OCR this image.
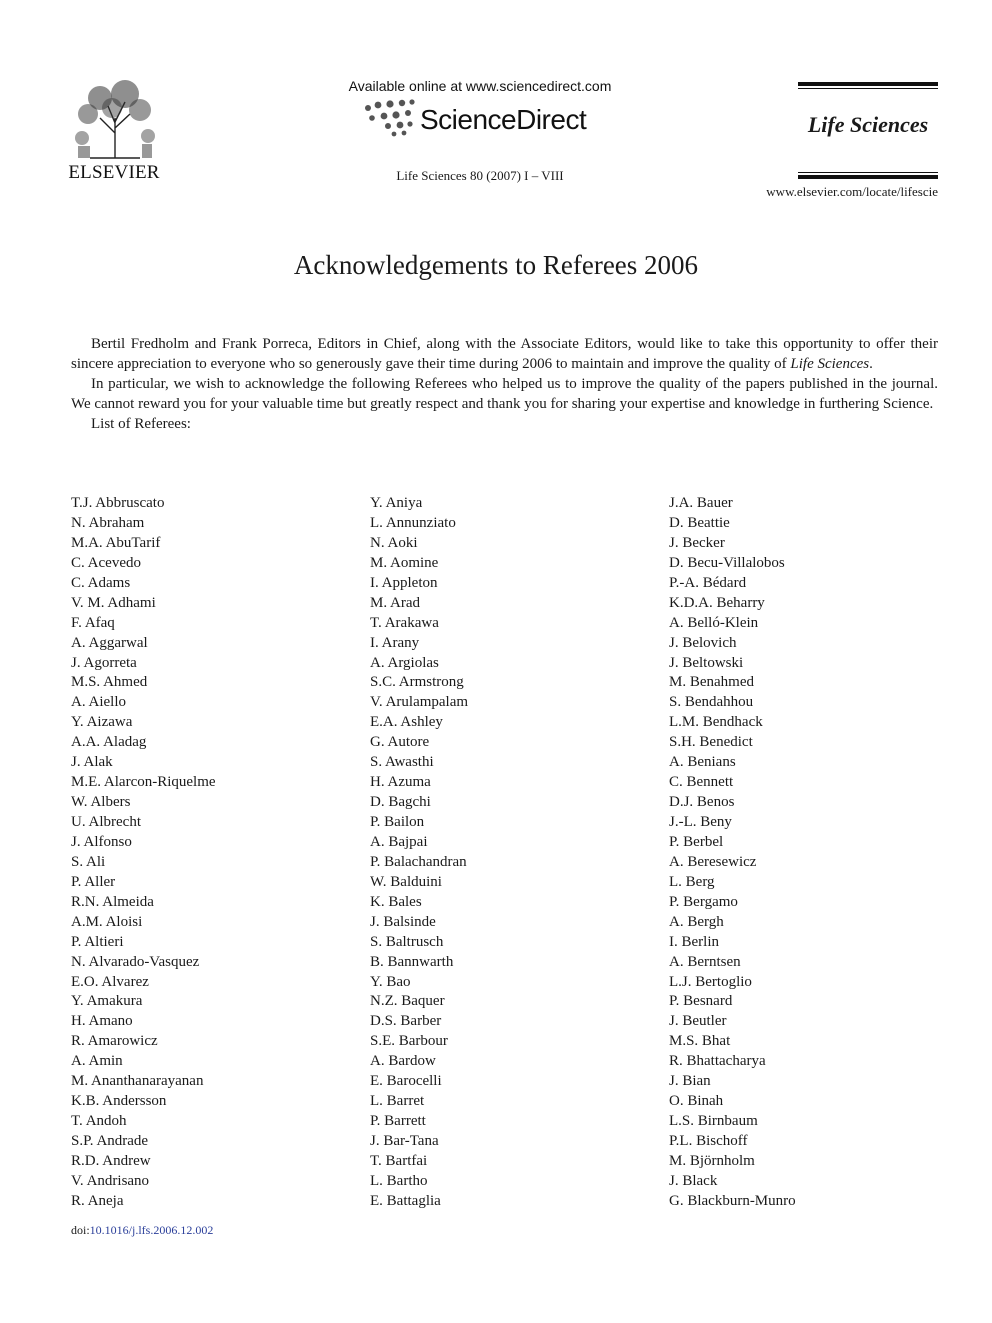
ELSEVIER
Available online at www.sciencedirect.com
ScienceDirect
Life Sciences 80 (2007) I – VIII
Life Sciences
www.elsevier.com/locate/lifescie
Acknowledgements to Referees 2006

Bertil Fredholm and Frank Porreca, Editors in Chief, along with the Associate Editors, would like to take this opportunity to offer their sincere appreciation to everyone who so generously gave their time during 2006 to maintain and improve the quality of Life Sciences.

In particular, we wish to acknowledge the following Referees who helped us to improve the quality of the papers published in the journal. We cannot reward you for your valuable time but greatly respect and thank you for sharing your expertise and knowledge in furthering Science.

List of Referees:

T.J. Abbruscato
N. Abraham
M.A. AbuTarif
C. Acevedo
C. Adams
V. M. Adhami
F. Afaq
A. Aggarwal
J. Agorreta
M.S. Ahmed
A. Aiello
Y. Aizawa
A.A. Aladag
J. Alak
M.E. Alarcon-Riquelme
W. Albers
U. Albrecht
J. Alfonso
S. Ali
P. Aller
R.N. Almeida
A.M. Aloisi
P. Altieri
N. Alvarado-Vasquez
E.O. Alvarez
Y. Amakura
H. Amano
R. Amarowicz
A. Amin
M. Ananthanarayanan
K.B. Andersson
T. Andoh
S.P. Andrade
R.D. Andrew
V. Andrisano
R. Aneja
Y. Aniya
L. Annunziato
N. Aoki
M. Aomine
I. Appleton
M. Arad
T. Arakawa
I. Arany
A. Argiolas
S.C. Armstrong
V. Arulampalam
E.A. Ashley
G. Autore
S. Awasthi
H. Azuma
D. Bagchi
P. Bailon
A. Bajpai
P. Balachandran
W. Balduini
K. Bales
J. Balsinde
S. Baltrusch
B. Bannwarth
Y. Bao
N.Z. Baquer
D.S. Barber
S.E. Barbour
A. Bardow
E. Barocelli
L. Barret
P. Barrett
J. Bar-Tana
T. Bartfai
L. Bartho
E. Battaglia
J.A. Bauer
D. Beattie
J. Becker
D. Becu-Villalobos
P.-A. Bédard
K.D.A. Beharry
A. Belló-Klein
J. Belovich
J. Beltowski
M. Benahmed
S. Bendahhou
L.M. Bendhack
S.H. Benedict
A. Benians
C. Bennett
D.J. Benos
J.-L. Beny
P. Berbel
A. Beresewicz
L. Berg
P. Bergamo
A. Bergh
I. Berlin
A. Berntsen
L.J. Bertoglio
P. Besnard
J. Beutler
M.S. Bhat
R. Bhattacharya
J. Bian
O. Binah
L.S. Birnbaum
P.L. Bischoff
M. Björnholm
J. Black
G. Blackburn-Munro
doi:10.1016/j.lfs.2006.12.002
